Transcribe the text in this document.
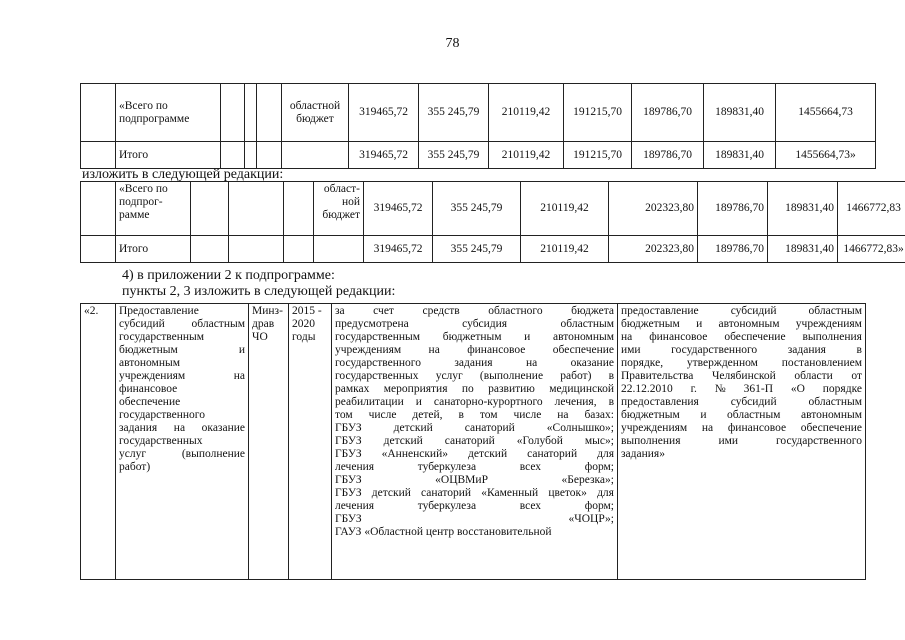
78
	«Всего по подпрограмме				областной бюджет	319465,72	355 245,79	210119,42	191215,70	189786,70	189831,40	1455664,73
	Итого					319465,72	355 245,79	210119,42	191215,70	189786,70	189831,40	1455664,73»
изложить в следующей редакции:

	«Всего по
подпрог-
рамме				област-
ной
бюджет	319465,72	355 245,79	210119,42	202323,80	189786,70	189831,40	1466772,83
	Итого					319465,72	355 245,79	210119,42	202323,80	189786,70	189831,40	1466772,83»
4) в приложении 2 к подпрограмме:
пункты 2, 3 изложить в следующей редакции:
«2.	Предоставление
субсидий областным
государственным
бюджетным	и
автономным
учреждениям	на
финансовое
обеспечение
государственного
задания на оказание
государственных
услуг	(выполнение
работ)

Минз-
драв
ЧО

2015 -
2020
годы

за счет средств областного бюджета
предусмотрена	субсидия	областным
государственным бюджетным и автономным
учреждениям на финансовое обеспечение
государственного	задания	на	оказание
государственных услуг (выполнение работ) в
рамках мероприятия по развитию медицинской
реабилитации и санаторно-курортного лечения, в
том числе детей, в том числе на базах:
ГБУЗ	детский	санаторий	«Солнышко»;
ГБУЗ детский санаторий «Голубой мыс»;
ГБУЗ «Анненский» детский санаторий для
лечения	туберкулеза	всех	форм;
ГБУЗ	«ОЦВМиР	«Березка»;
ГБУЗ детский санаторий «Каменный цветок» для
лечения	туберкулеза	всех	форм;
ГБУЗ	«ЧОЦР»;
ГАУЗ «Областной центр восстановительной

предоставление	субсидий	областным
бюджетным и автономным учреждениям
на финансовое обеспечение выполнения
ими	государственного	задания	в
порядке, утвержденном постановлением
Правительства Челябинской области от
22.12.2010 г. № 361-П «О порядке
предоставления	субсидий	областным
бюджетным и областным автономным
учреждениям на финансовое обеспечение
выполнения	ими	государственного
задания»
